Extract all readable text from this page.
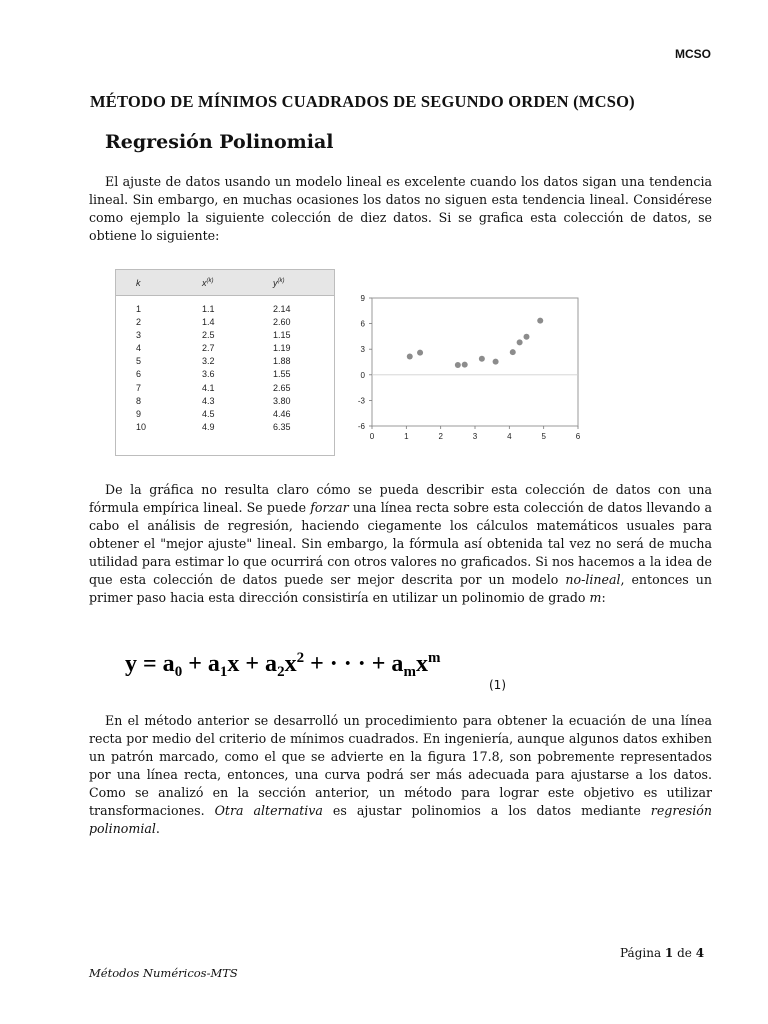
MCSO
MÉTODO DE MÍNIMOS CUADRADOS DE SEGUNDO ORDEN (MCSO)
Regresión Polinomial

El ajuste de datos usando un modelo lineal es excelente cuando los datos sigan una tendencia lineal. Sin embargo, en muchas ocasiones los datos no siguen esta tendencia lineal. Considérese como ejemplo la siguiente colección de diez datos. Si se grafica esta colección de datos, se obtiene lo siguiente:

k	$x^{(k)}$	$y^{(k)}$
1	1.1	2.14
2	1.4	2.60
3	2.5	1.15
4	2.7	1.19
5	3.2	1.88
6	3.6	1.55
7	4.1	2.65
8	4.3	3.80
9	4.5	4.46
10	4.9	6.35
9
6
3
0
-3
-6
0	1	2	3	4	5	6

De la gráfica no resulta claro cómo se pueda describir esta colección de datos con una fórmula empírica lineal. Se puede forzar una línea recta sobre esta colección de datos llevando a cabo el análisis de regresión, haciendo ciegamente los cálculos matemáticos usuales para obtener el "mejor ajuste" lineal. Sin embargo, la fórmula así obtenida tal vez no será de mucha utilidad para estimar lo que ocurrirá con otros valores no graficados. Si nos hacemos a la idea de que esta colección de datos puede ser mejor descrita por un modelo no-lineal, entonces un primer paso hacia esta dirección consistiría en utilizar un polinomio de grado m:

$y = a_0 + a_1x + a_2x^2$ + · · · + $a_mx^m$
(1)

En el método anterior se desarrolló un procedimiento para obtener la ecuación de una línea recta por medio del criterio de mínimos cuadrados. En ingeniería, aunque algunos datos exhiben un patrón marcado, como el que se advierte en la figura 17.8, son pobremente representados por una línea recta, entonces, una curva podrá ser más adecuada para ajustarse a los datos. Como se analizó en la sección anterior, un método para lograr este objetivo es utilizar transformaciones. Otra alternativa es ajustar polinomios a los datos mediante regresión polinomial.

Página 1 de 4
Métodos Numéricos-MTS
